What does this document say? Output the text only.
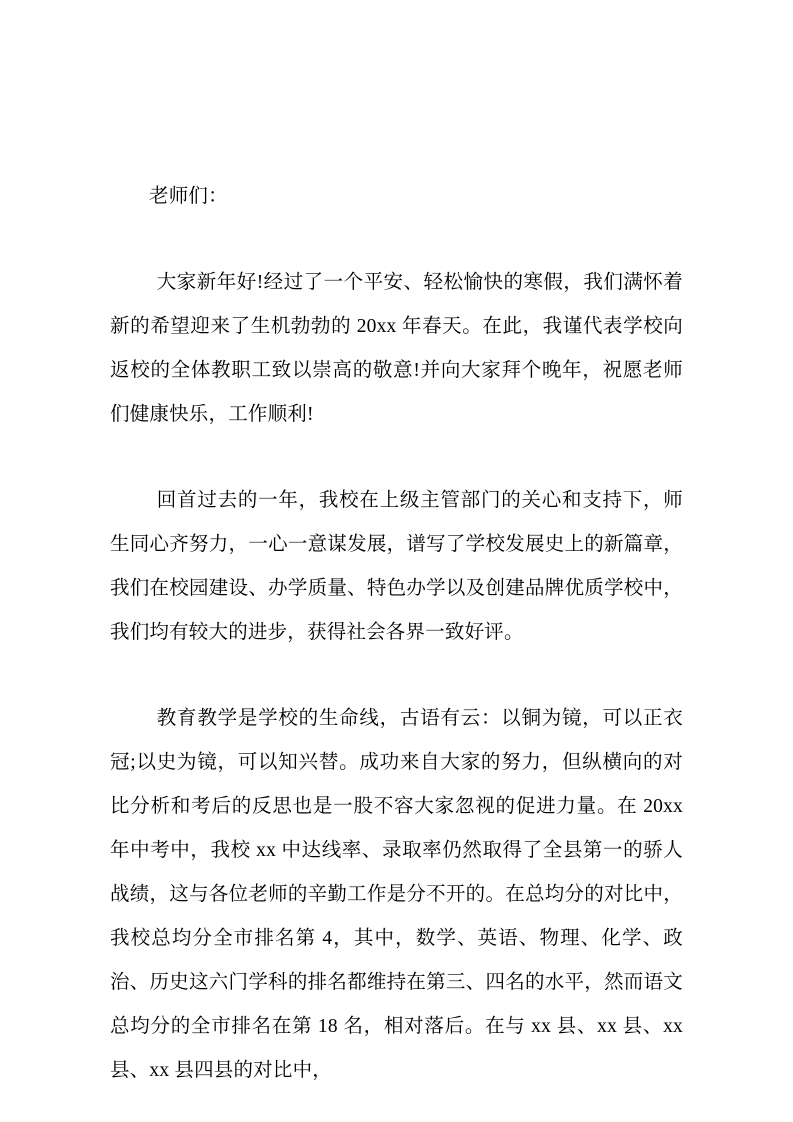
老师们：

大家新年好!经过了一个平安、轻松愉快的寒假，我们满怀着新的希望迎来了生机勃勃的 20xx 年春天。在此，我谨代表学校向返校的全体教职工致以崇高的敬意!并向大家拜个晚年，祝愿老师们健康快乐，工作顺利!

回首过去的一年，我校在上级主管部门的关心和支持下，师生同心齐努力，一心一意谋发展，谱写了学校发展史上的新篇章，我们在校园建设、办学质量、特色办学以及创建品牌优质学校中，我们均有较大的进步，获得社会各界一致好评。

教育教学是学校的生命线，古语有云：以铜为镜，可以正衣冠;以史为镜，可以知兴替。成功来自大家的努力，但纵横向的对比分析和考后的反思也是一股不容大家忽视的促进力量。在 20xx 年中考中，我校 xx 中达线率、录取率仍然取得了全县第一的骄人战绩，这与各位老师的辛勤工作是分不开的。在总均分的对比中，我校总均分全市排名第 4，其中，数学、英语、物理、化学、政治、历史这六门学科的排名都维持在第三、四名的水平，然而语文总均分的全市排名在第 18 名，相对落后。在与 xx 县、xx 县、xx 县、xx 县四县的对比中，
